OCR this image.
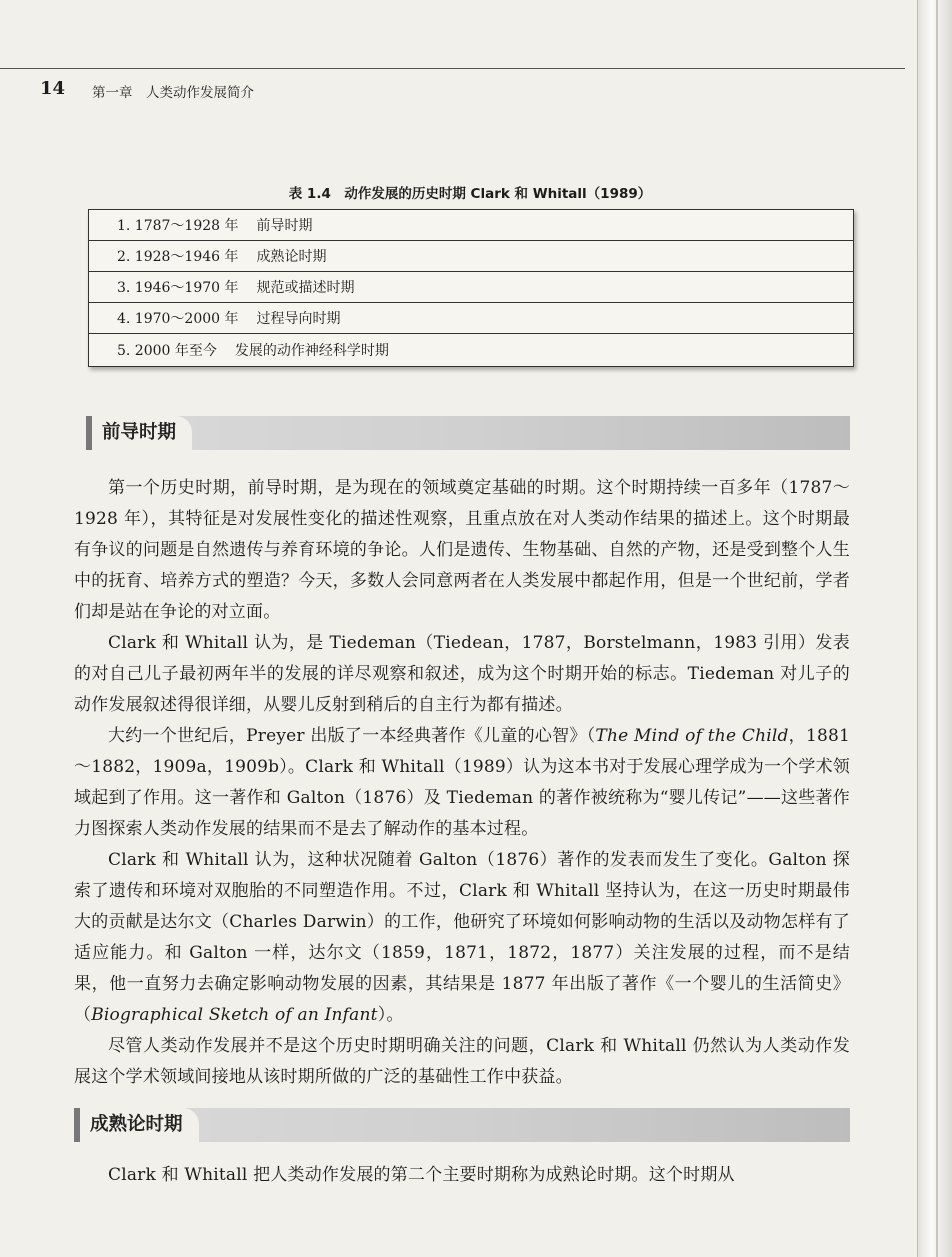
14 第一章　人类动作发展简介
表 1.4　动作发展的历史时期 Clark 和 Whitall（1989）
1. 1787～1928 年 前导时期
2. 1928～1946 年 成熟论时期
3. 1946～1970 年 规范或描述时期
4. 1970～2000 年 过程导向时期
5. 2000 年至今 发展的动作神经科学时期
前导时期

第一个历史时期，前导时期，是为现在的领域奠定基础的时期。这个时期持续一百多年（1787～1928 年），其特征是对发展性变化的描述性观察，且重点放在对人类动作结果的描述上。这个时期最有争议的问题是自然遗传与养育环境的争论。人们是遗传、生物基础、自然的产物，还是受到整个人生中的抚育、培养方式的塑造？今天，多数人会同意两者在人类发展中都起作用，但是一个世纪前，学者们却是站在争论的对立面。

Clark 和 Whitall 认为，是 Tiedeman（Tiedean，1787，Borstelmann，1983 引用）发表的对自己儿子最初两年半的发展的详尽观察和叙述，成为这个时期开始的标志。Tiedeman 对儿子的动作发展叙述得很详细，从婴儿反射到稍后的自主行为都有描述。

大约一个世纪后，Preyer 出版了一本经典著作《儿童的心智》（The Mind of the Child，1881～1882，1909a，1909b）。Clark 和 Whitall（1989）认为这本书对于发展心理学成为一个学术领域起到了作用。这一著作和 Galton（1876）及 Tiedeman 的著作被统称为“婴儿传记”——这些著作力图探索人类动作发展的结果而不是去了解动作的基本过程。

Clark 和 Whitall 认为，这种状况随着 Galton（1876）著作的发表而发生了变化。Galton 探索了遗传和环境对双胞胎的不同塑造作用。不过，Clark 和 Whitall 坚持认为，在这一历史时期最伟大的贡献是达尔文（Charles Darwin）的工作，他研究了环境如何影响动物的生活以及动物怎样有了适应能力。和 Galton 一样，达尔文（1859，1871，1872，1877）关注发展的过程，而不是结果，他一直努力去确定影响动物发展的因素，其结果是 1877 年出版了著作《一个婴儿的生活简史》（Biographical Sketch of an Infant）。

尽管人类动作发展并不是这个历史时期明确关注的问题，Clark 和 Whitall 仍然认为人类动作发展这个学术领域间接地从该时期所做的广泛的基础性工作中获益。

成熟论时期

Clark 和 Whitall 把人类动作发展的第二个主要时期称为成熟论时期。这个时期从
